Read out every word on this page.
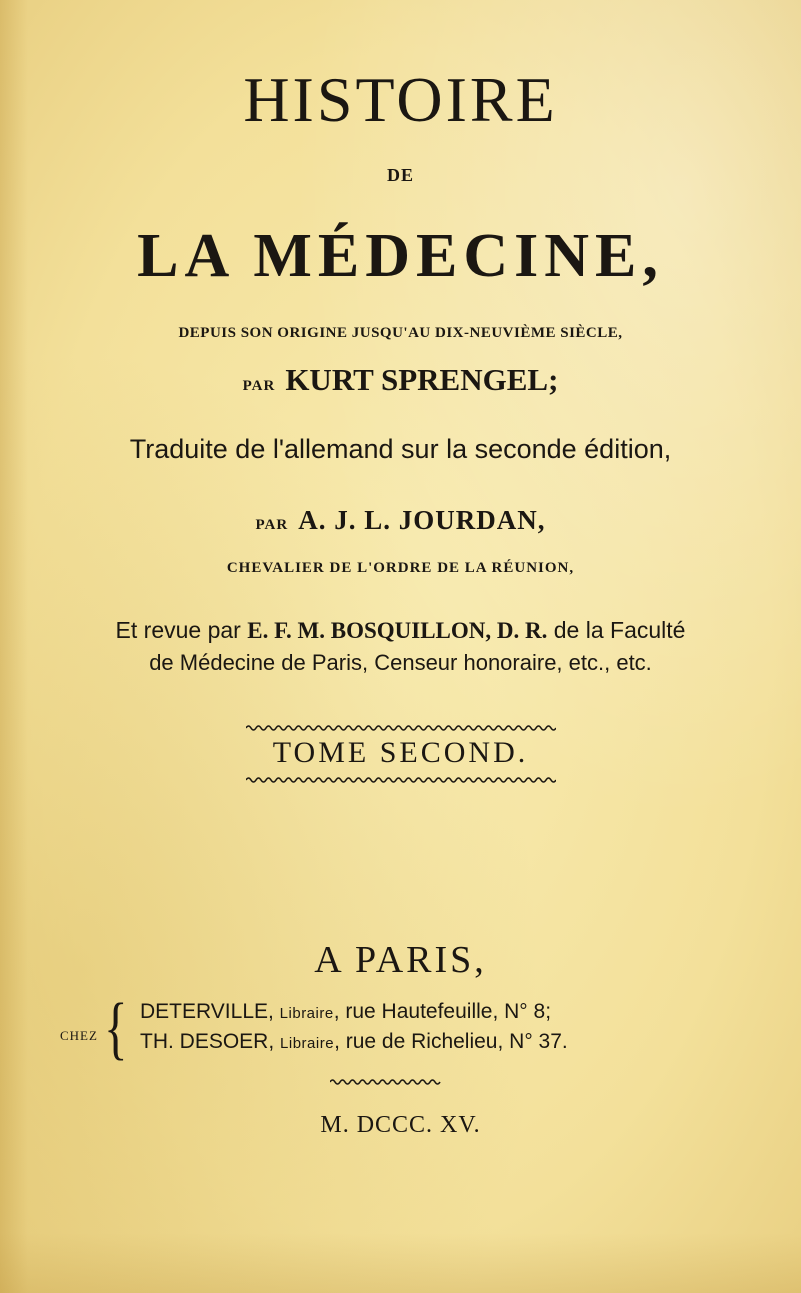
HISTOIRE
DE
LA MÉDECINE,
DEPUIS SON ORIGINE JUSQU'AU DIX-NEUVIÈME SIÈCLE,
PAR KURT SPRENGEL;
Traduite de l'allemand sur la seconde édition,
PAR A. J. L. JOURDAN,
CHEVALIER DE L'ORDRE DE LA RÉUNION,
Et revue par E. F. M. BOSQUILLON, D. R. de la Faculté
de Médecine de Paris, Censeur honoraire, etc., etc.
TOME SECOND.
A PARIS,
CHEZ { DETERVILLE, Libraire, rue Hautefeuille, N° 8;
TH. DESOER, Libraire, rue de Richelieu, N° 37.
M. DCCC. XV.
